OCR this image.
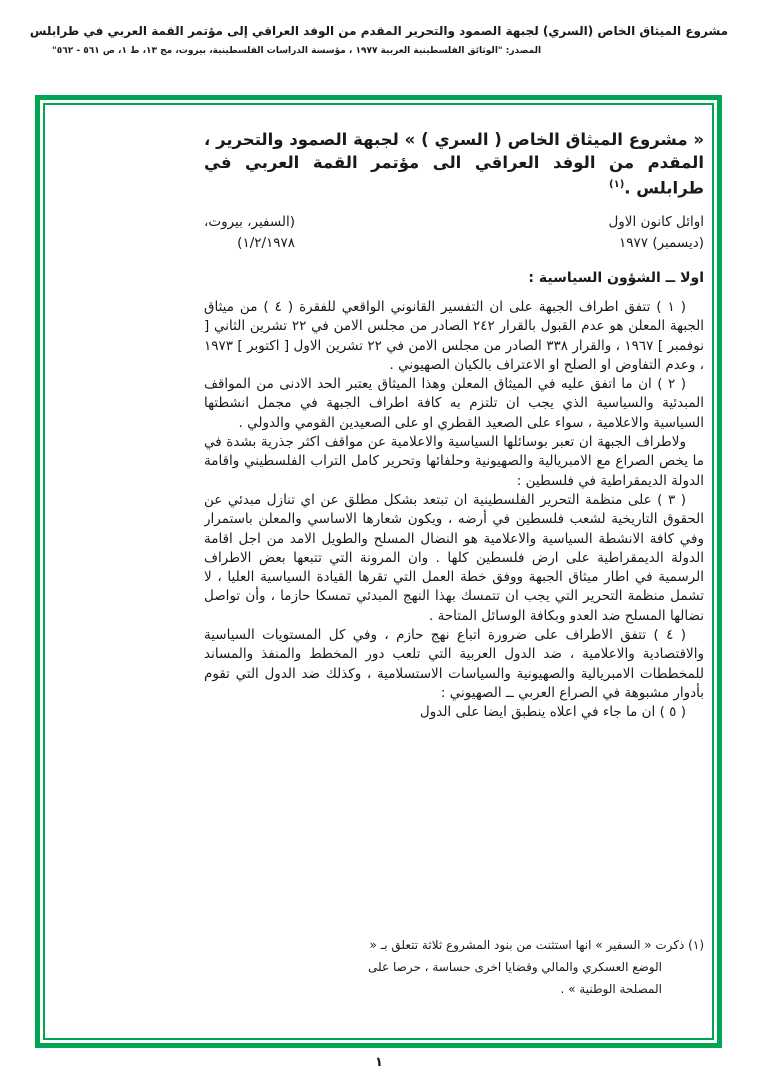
مشروع الميثاق الخاص (السري) لجبهة الصمود والتحرير المقدم من الوفد العراقي إلى مؤتمر القمة العربي في طرابلس
المصدر: "الوثائق الفلسطينية العربية ١٩٧٧ ، مؤسسة الدراسات الفلسطينية، بيروت، مج ١٣، ط ١، ص ٥٦١ - ٥٦٢"
« مشروع الميثاق الخاص ( السري ) » لجبهة الصمود والتحرير ، المقدم من الوفد العراقي الى مؤتمر القمة العربي في طرابلس .$^{(١)}$
اوائل كانون الاول
(ديسمبر) ١٩٧٧
(السفير، بيروت،
١/٢/١٩٧٨)
اولا ــ الشؤون السياسية :

( ١ ) تتفق اطراف الجبهة على ان التفسير القانوني الواقعي للفقرة ( ٤ ) من ميثاق الجبهة المعلن هو عدم القبول بالقرار ٢٤٢ الصادر من مجلس الامن في ٢٢ تشرين الثاني [ نوفمبر ] ١٩٦٧ ، والقرار ٣٣٨ الصادر من مجلس الامن في ٢٢ تشرين الاول [ اكتوبر ] ١٩٧٣ ، وعدم التفاوض او الصلح او الاعتراف بالكيان الصهيوني .

( ٢ ) ان ما اتفق عليه في الميثاق المعلن وهذا الميثاق يعتبر الحد الادنى من المواقف المبدئية والسياسية الذي يجب ان تلتزم به كافة اطراف الجبهة في مجمل انشطتها السياسية والاعلامية ، سواء على الصعيد القطري او على الصعيدين القومي والدولي .

ولاطراف الجبهة ان تعبر بوسائلها السياسية والاعلامية عن مواقف اكثر جذرية بشدة في ما يخص الصراع مع الامبريالية والصهيونية وحلفائها وتحرير كامل التراب الفلسطيني واقامة الدولة الديمقراطية في فلسطين :

( ٣ ) على منظمة التحرير الفلسطينية ان تبتعد بشكل مطلق عن اي تنازل مبدئي عن الحقوق التاريخية لشعب فلسطين في أرضه ، ويكون شعارها الاساسي والمعلن باستمرار وفي كافة الانشطة السياسية والاعلامية هو النضال المسلح والطويل الامد من اجل اقامة الدولة الديمقراطية على ارض فلسطين كلها . وان المرونة التي تتبعها بعض الاطراف الرسمية في اطار ميثاق الجبهة ووفق خطة العمل التي تقرها القيادة السياسية العليا ، لا تشمل منظمة التحرير التي يجب ان تتمسك بهذا النهج المبدئي تمسكا حازما ، وأن تواصل نضالها المسلح ضد العدو وبكافة الوسائل المتاحة .

( ٤ ) تتفق الاطراف على ضرورة اتباع نهج حازم ، وفي كل المستويات السياسية والاقتصادية والاعلامية ، ضد الدول العربية التي تلعب دور المخطط والمنفذ والمساند للمخططات الامبريالية والصهيونية والسياسات الاستسلامية ، وكذلك ضد الدول التي تقوم بأدوار مشبوهة في الصراع العربي ــ الصهيوني :

( ٥ ) ان ما جاء في اعلاه ينطبق ايضا على الدول

(١) ذكرت « السفير » انها استثنت من بنود المشروع ثلاثة تتعلق بـ « الوضع العسكري والمالي وقضايا اخرى حساسة ، حرصا على المصلحة الوطنية » .
١
